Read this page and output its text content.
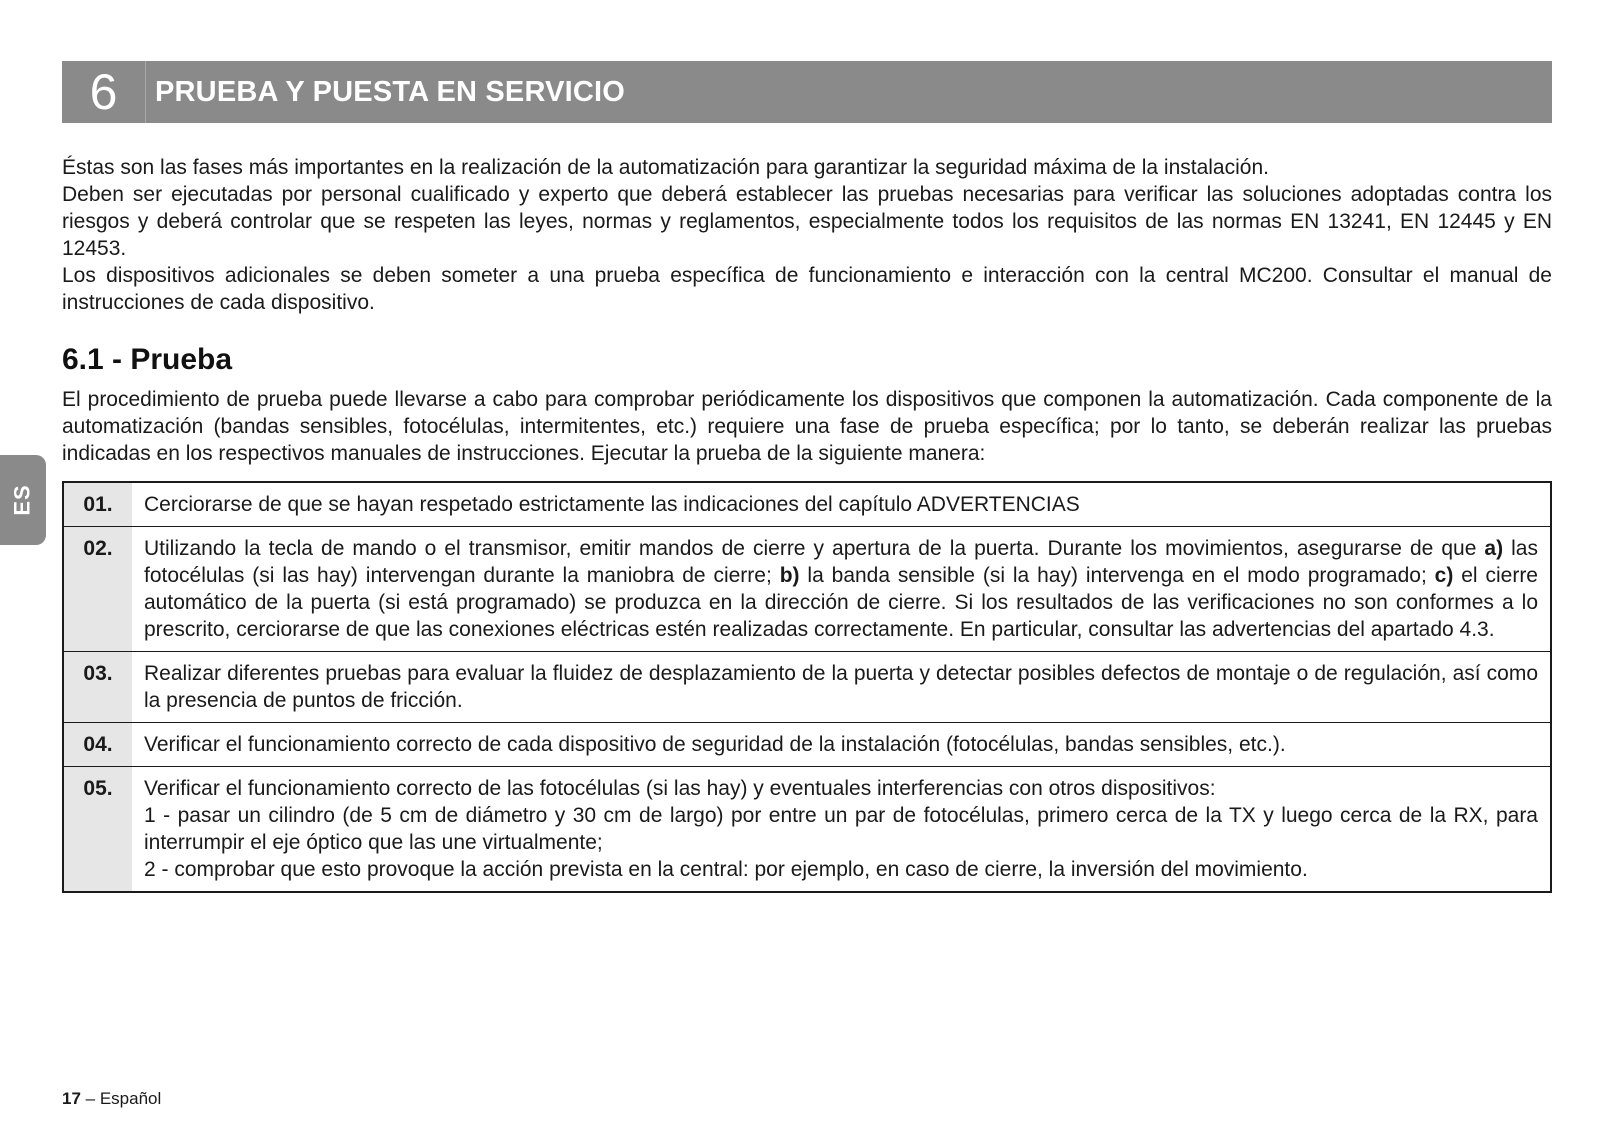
6	PRUEBA Y PUESTA EN SERVICIO

Éstas son las fases más importantes en la realización de la automatización para garantizar la seguridad máxima de la instalación.

Deben ser ejecutadas por personal cualificado y experto que deberá establecer las pruebas necesarias para verificar las soluciones adoptadas contra los riesgos y deberá controlar que se respeten las leyes, normas y reglamentos, especialmente todos los requisitos de las normas EN 13241, EN 12445 y EN 12453.

Los dispositivos adicionales se deben someter a una prueba específica de funcionamiento e interacción con la central MC200. Consultar el manual de instrucciones de cada dispositivo.

6.1 - Prueba

El procedimiento de prueba puede llevarse a cabo para comprobar periódicamente los dispositivos que componen la automatización. Cada componente de la automatización (bandas sensibles, fotocélulas, intermitentes, etc.) requiere una fase de prueba específica; por lo tanto, se deberán realizar las pruebas indicadas en los respectivos manuales de instrucciones. Ejecutar la prueba de la siguiente manera:

ES 01.	Cerciorarse de que se hayan respetado estrictamente las indicaciones del capítulo ADVERTENCIAS
02.	Utilizando la tecla de mando o el transmisor, emitir mandos de cierre y apertura de la puerta. Durante los movimientos, asegurarse de que a) las fotocélulas (si las hay) intervengan durante la maniobra de cierre; b) la banda sensible (si la hay) intervenga en el modo programado; c) el cierre automático de la puerta (si está programado) se produzca en la dirección de cierre. Si los resultados de las verificaciones no son conformes a lo prescrito, cerciorarse de que las conexiones eléctricas estén realizadas correctamente. En particular, consultar las advertencias del apartado 4.3.
03.	Realizar diferentes pruebas para evaluar la fluidez de desplazamiento de la puerta y detectar posibles defectos de montaje o de regulación, así como la presencia de puntos de fricción.
04.	Verificar el funcionamiento correcto de cada dispositivo de seguridad de la instalación (fotocélulas, bandas sensibles, etc.).
05.	Verificar el funcionamiento correcto de las fotocélulas (si las hay) y eventuales interferencias con otros dispositivos:
1 - pasar un cilindro (de 5 cm de diámetro y 30 cm de largo) por entre un par de fotocélulas, primero cerca de la TX y luego cerca de la RX, para interrumpir el eje óptico que las une virtualmente;
2 - comprobar que esto provoque la acción prevista en la central: por ejemplo, en caso de cierre, la inversión del movimiento.
17 – Español
